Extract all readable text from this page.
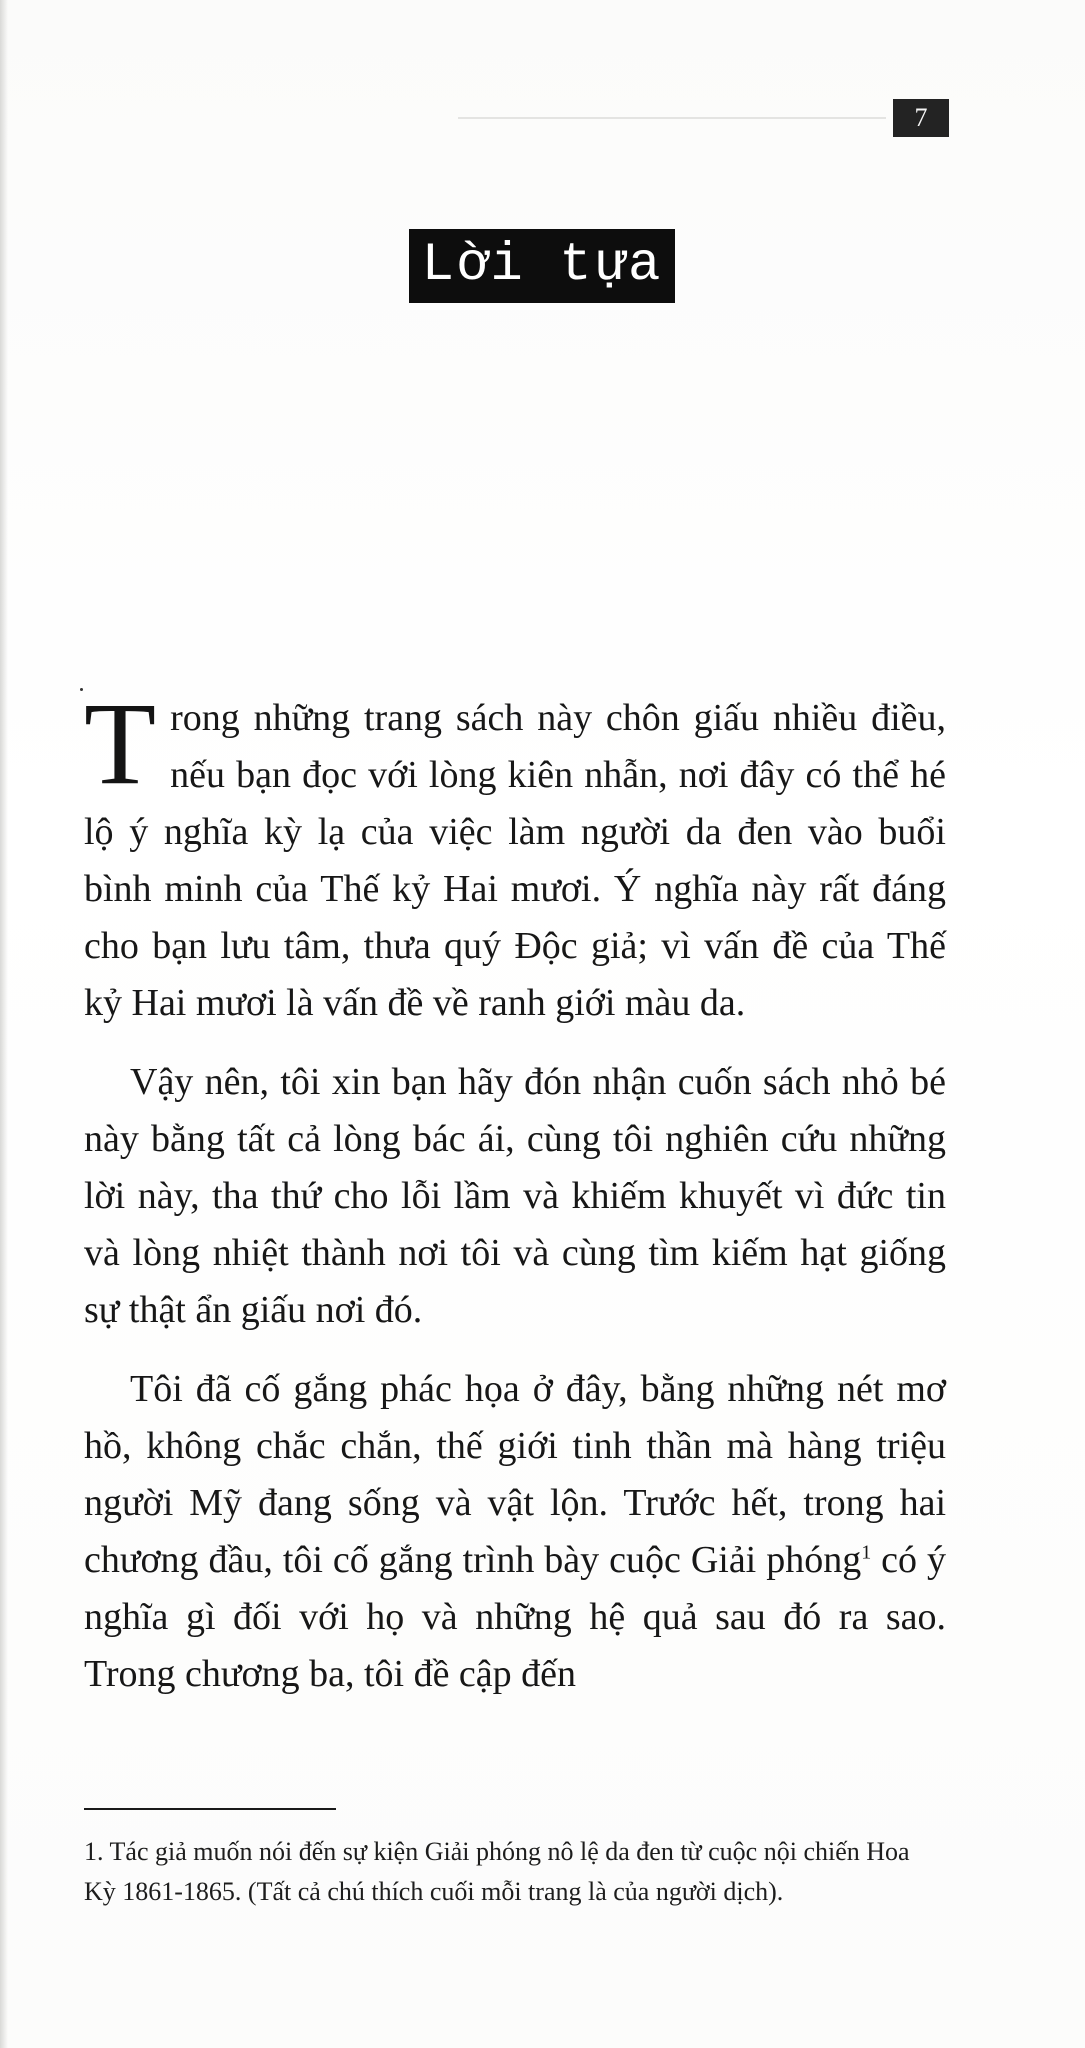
7
Lời tựa

Trong những trang sách này chôn giấu nhiều điều, nếu bạn đọc với lòng kiên nhẫn, nơi đây có thể hé lộ ý nghĩa kỳ lạ của việc làm người da đen vào buổi bình minh của Thế kỷ Hai mươi. Ý nghĩa này rất đáng cho bạn lưu tâm, thưa quý Độc giả; vì vấn đề của Thế kỷ Hai mươi là vấn đề về ranh giới màu da.

Vậy nên, tôi xin bạn hãy đón nhận cuốn sách nhỏ bé này bằng tất cả lòng bác ái, cùng tôi nghiên cứu những lời này, tha thứ cho lỗi lầm và khiếm khuyết vì đức tin và lòng nhiệt thành nơi tôi và cùng tìm kiếm hạt giống sự thật ẩn giấu nơi đó.

Tôi đã cố gắng phác họa ở đây, bằng những nét mơ hồ, không chắc chắn, thế giới tinh thần mà hàng triệu người Mỹ đang sống và vật lộn. Trước hết, trong hai chương đầu, tôi cố gắng trình bày cuộc Giải phóng$^1$ có ý nghĩa gì đối với họ và những hệ quả sau đó ra sao. Trong chương ba, tôi đề cập đến

1. Tác giả muốn nói đến sự kiện Giải phóng nô lệ da đen từ cuộc nội chiến Hoa Kỳ 1861-1865. (Tất cả chú thích cuối mỗi trang là của người dịch).
